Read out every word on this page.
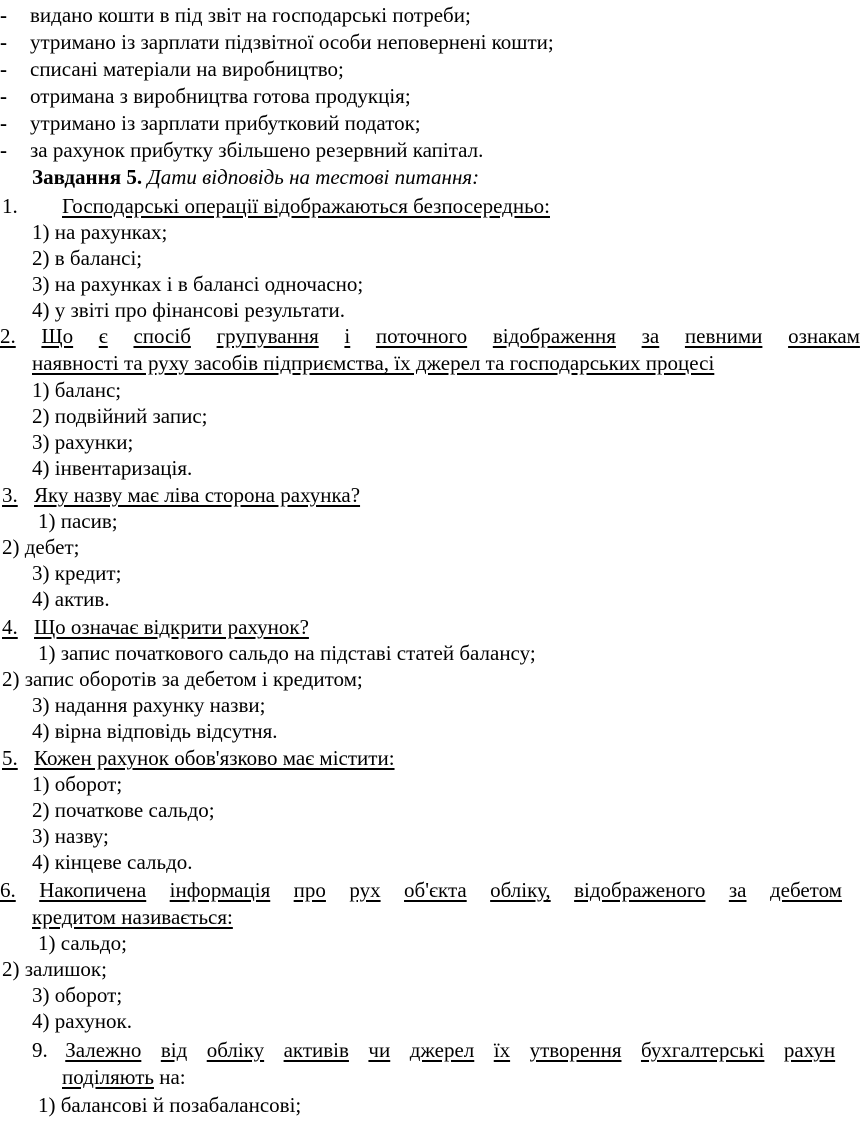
- видано кошти в під звіт на господарські потреби;
- утримано із зарплати підзвітної особи неповернені кошти;
- списані матеріали на виробництво;
- отримана з виробництва готова продукція;
- утримано із зарплати прибутковий податок;
- за рахунок прибутку збільшено резервний капітал.
Завдання 5. Дати відповідь на тестові питання:
1. Господарські операції відображаються безпосередньо:
1) на рахунках;
2) в балансі;
3) на рахунках і в балансі одночасно;
4) у звіті про фінансові результати.
2. Що є спосіб групування і поточного відображення за певними ознакам
наявності та руху засобів підприємства, їх джерел та господарських процесі
1) баланс;
2) подвійний запис;
3) рахунки;
4) інвентаризація.
3. Яку назву має ліва сторона рахунка?
1) пасив;
2) дебет;
3) кредит;
4) актив.
4. Що означає відкрити рахунок?
1) запис початкового сальдо на підставі статей балансу;
2) запис оборотів за дебетом і кредитом;
3) надання рахунку назви;
4) вірна відповідь відсутня.
5. Кожен рахунок обов'язково має містити:
1) оборот;
2) початкове сальдо;
3) назву;
4) кінцеве сальдо.
6. Накопичена інформація про рух об'єкта обліку, відображеного за дебетом
кредитом називається:
1) сальдо;
2) залишок;
3) оборот;
4) рахунок.
9. Залежно від обліку активів чи джерел їх утворення бухгалтерські рахун
поділяють на:
1) балансові й позабалансові;
